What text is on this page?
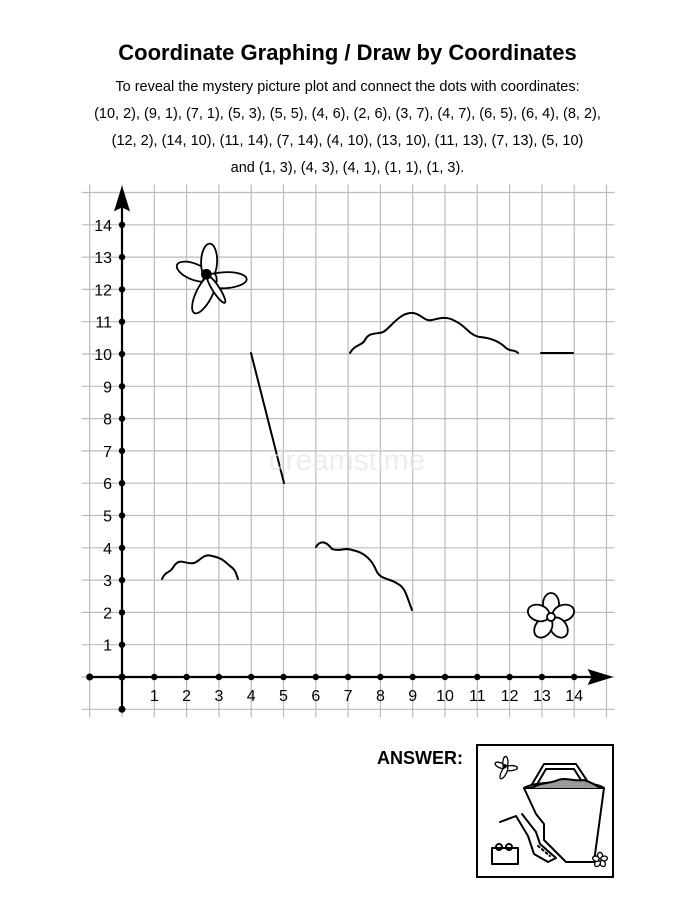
Coordinate Graphing / Draw by Coordinates

To reveal the mystery picture plot and connect the dots with coordinates:

(10, 2), (9, 1), (7, 1), (5, 3), (5, 5), (4, 6), (2, 6), (3, 7), (4, 7), (6, 5), (6, 4), (8, 2),

(12, 2), (14, 10), (11, 14), (7, 14), (4, 10), (13, 10), (11, 13), (7, 13), (5, 10)

and (1, 3), (4, 3), (4, 1), (1, 1), (1, 3).

1 2 3 4 5 6 7 8 9 10 11 12 13 14
1
2
3
4
5
6
7
8
9
10
11
12
13
14
dreamstime
ANSWER:
